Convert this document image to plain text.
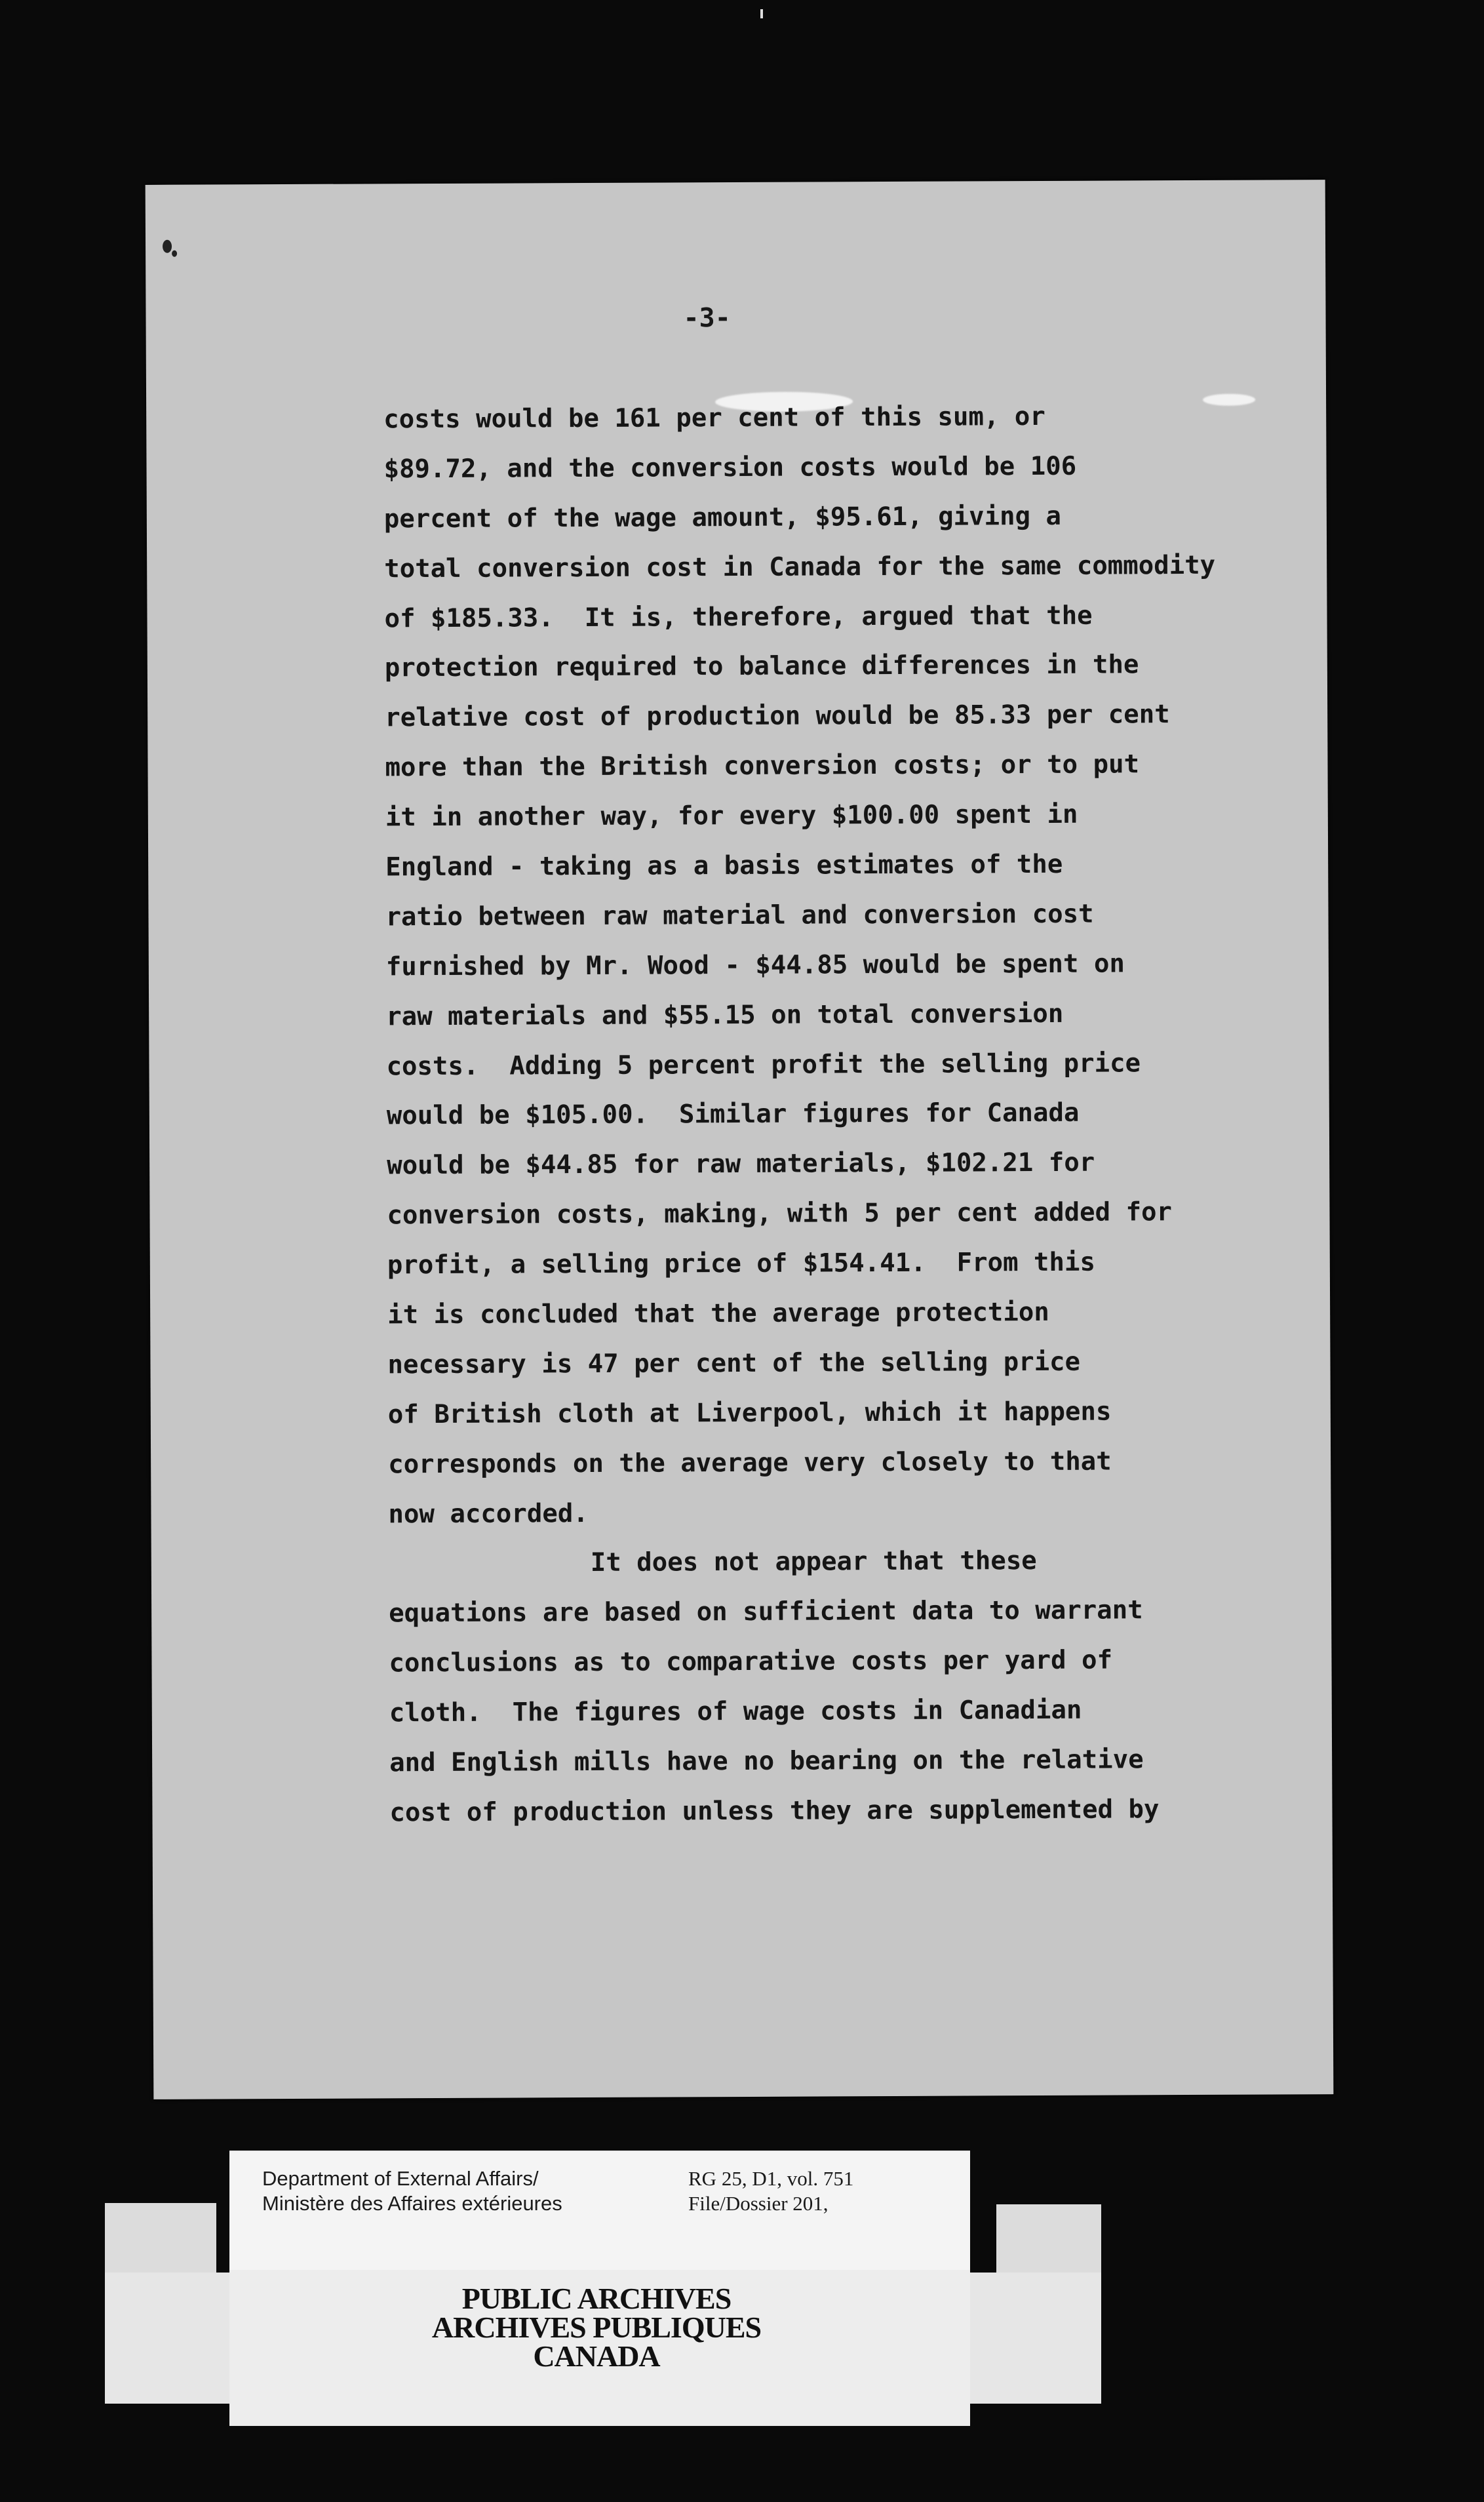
-3-
costs would be 161 per cent of this sum, or
$89.72, and the conversion costs would be 106
percent of the wage amount, $95.61, giving a
total conversion cost in Canada for the same commodity
of $185.33.  It is, therefore, argued that the
protection required to balance differences in the
relative cost of production would be 85.33 per cent
more than the British conversion costs; or to put
it in another way, for every $100.00 spent in
England - taking as a basis estimates of the
ratio between raw material and conversion cost
furnished by Mr. Wood - $44.85 would be spent on
raw materials and $55.15 on total conversion
costs.  Adding 5 percent profit the selling price
would be $105.00.  Similar figures for Canada
would be $44.85 for raw materials, $102.21 for
conversion costs, making, with 5 per cent added for
profit, a selling price of $154.41.  From this
it is concluded that the average protection
necessary is 47 per cent of the selling price
of British cloth at Liverpool, which it happens
corresponds on the average very closely to that
now accorded.
It does not appear that these
equations are based on sufficient data to warrant
conclusions as to comparative costs per yard of
cloth.  The figures of wage costs in Canadian
and English mills have no bearing on the relative
cost of production unless they are supplemented by
Department of External Affairs/
Ministère des Affaires extérieures
RG 25, D1, vol. 751
File/Dossier 201,
PUBLIC ARCHIVES
ARCHIVES PUBLIQUES
CANADA
